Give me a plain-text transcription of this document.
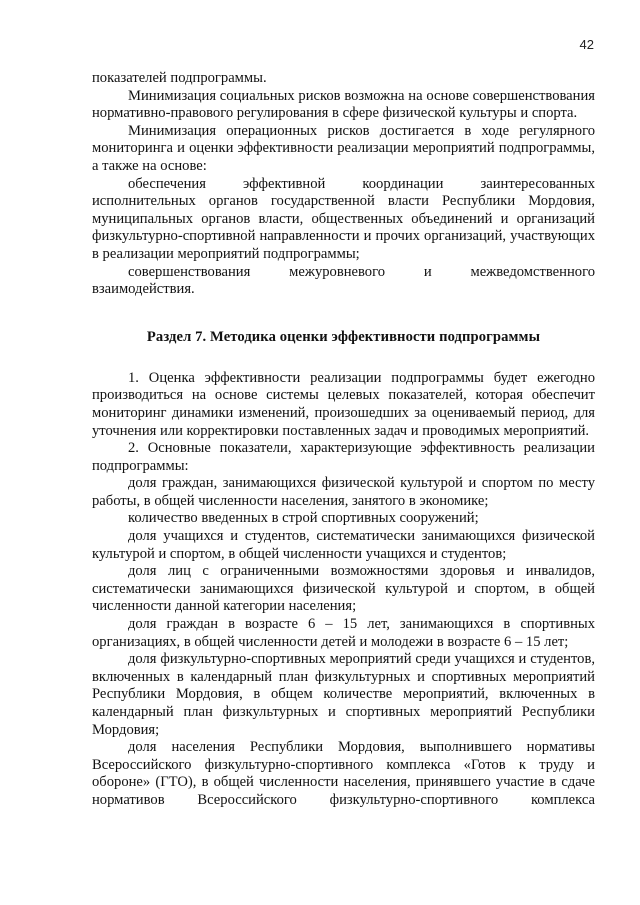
42

показателей подпрограммы.

Минимизация социальных рисков возможна на основе совершенствования нормативно-правового регулирования в сфере физической культуры и спорта.

Минимизация операционных рисков достигается в ходе регулярного мониторинга и оценки эффективности реализации мероприятий подпрограммы, а также на основе:

обеспечения эффективной координации заинтересованных исполнительных органов государственной власти Республики Мордовия, муниципальных органов власти, общественных объединений и организаций физкультурно-спортивной направленности и прочих организаций, участвующих в реализации мероприятий подпрограммы;

совершенствования межуровневого и межведомственного взаимодействия.

Раздел 7. Методика оценки эффективности подпрограммы

1. Оценка эффективности реализации подпрограммы будет ежегодно производиться на основе системы целевых показателей, которая обеспечит мониторинг динамики изменений, произошедших за оцениваемый период, для уточнения или корректировки поставленных задач и проводимых мероприятий.

2. Основные показатели, характеризующие эффективность реализации подпрограммы:

доля граждан, занимающихся физической культурой и спортом по месту работы, в общей численности населения, занятого в экономике;

количество введенных в строй спортивных сооружений;

доля учащихся и студентов, систематически занимающихся физической культурой и спортом, в общей численности учащихся и студентов;

доля лиц с ограниченными возможностями здоровья и инвалидов, систематически занимающихся физической культурой и спортом, в общей численности данной категории населения;

доля граждан в возрасте 6 – 15 лет, занимающихся в спортивных организациях, в общей численности детей и молодежи в возрасте 6 – 15 лет;

доля физкультурно-спортивных мероприятий среди учащихся и студентов, включенных в календарный план физкультурных и спортивных мероприятий Республики Мордовия, в общем количестве мероприятий, включенных в календарный план физкультурных и спортивных мероприятий Республики Мордовия;

доля населения Республики Мордовия, выполнившего нормативы Всероссийского физкультурно-спортивного комплекса «Готов к труду и обороне» (ГТО), в общей численности населения, принявшего участие в сдаче нормативов Всероссийского физкультурно-спортивного комплекса
